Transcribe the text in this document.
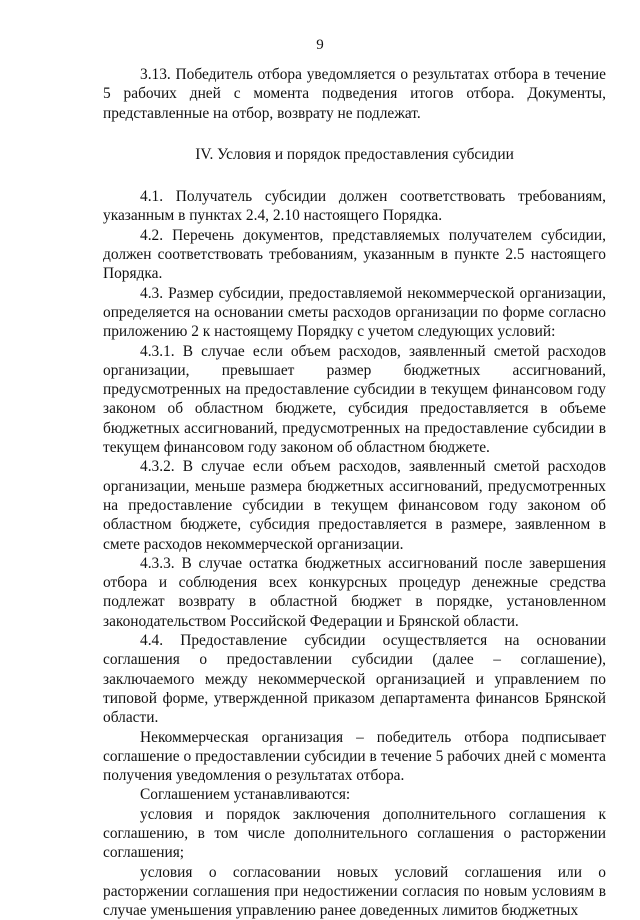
9

3.13. Победитель отбора уведомляется о результатах отбора в течение 5 рабочих дней с момента подведения итогов отбора. Документы, представленные на отбор, возврату не подлежат.

IV. Условия и порядок предоставления субсидии

4.1. Получатель субсидии должен соответствовать требованиям, указанным в пунктах 2.4, 2.10 настоящего Порядка.

4.2. Перечень документов, представляемых получателем субсидии, должен соответствовать требованиям, указанным в пункте 2.5 настоящего Порядка.

4.3. Размер субсидии, предоставляемой некоммерческой организации, определяется на основании сметы расходов организации по форме согласно приложению 2 к настоящему Порядку с учетом следующих условий:

4.3.1. В случае если объем расходов, заявленный сметой расходов организации, превышает размер бюджетных ассигнований, предусмотренных на предоставление субсидии в текущем финансовом году законом об областном бюджете, субсидия предоставляется в объеме бюджетных ассигнований, предусмотренных на предоставление субсидии в текущем финансовом году законом об областном бюджете.

4.3.2. В случае если объем расходов, заявленный сметой расходов организации, меньше размера бюджетных ассигнований, предусмотренных на предоставление субсидии в текущем финансовом году законом об областном бюджете, субсидия предоставляется в размере, заявленном в смете расходов некоммерческой организации.

4.3.3. В случае остатка бюджетных ассигнований после завершения отбора и соблюдения всех конкурсных процедур денежные средства подлежат возврату в областной бюджет в порядке, установленном законодательством Российской Федерации и Брянской области.

4.4. Предоставление субсидии осуществляется на основании соглашения о предоставлении субсидии (далее – соглашение), заключаемого между некоммерческой организацией и управлением по типовой форме, утвержденной приказом департамента финансов Брянской области.

Некоммерческая организация – победитель отбора подписывает соглашение о предоставлении субсидии в течение 5 рабочих дней с момента получения уведомления о результатах отбора.

Соглашением устанавливаются:

условия и порядок заключения дополнительного соглашения к соглашению, в том числе дополнительного соглашения о расторжении соглашения;

условия о согласовании новых условий соглашения или о расторжении соглашения при недостижении согласия по новым условиям в случае уменьшения управлению ранее доведенных лимитов бюджетных
